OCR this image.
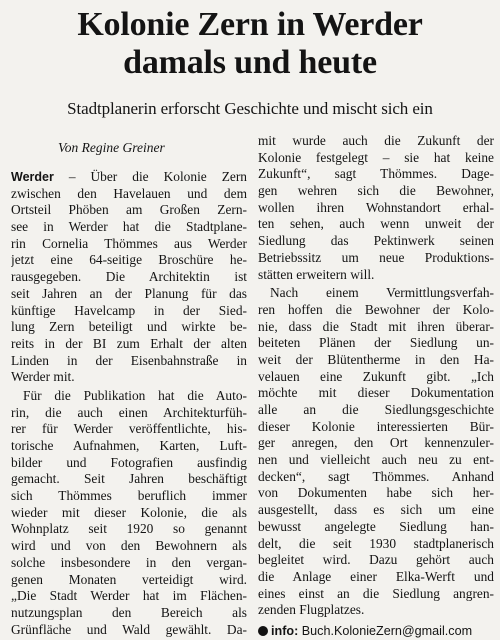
Kolonie Zern in Werder
damals und heute
Stadtplanerin erforscht Geschichte und mischt sich ein
Von Regine Greiner
Werder – Über die Kolonie Zern
zwischen den Havelauen und dem
Ortsteil Phöben am Großen Zern-
see in Werder hat die Stadtplane-
rin Cornelia Thömmes aus Werder
jetzt eine 64-seitige Broschüre he-
rausgegeben. Die Architektin ist
seit Jahren an der Planung für das
künftige Havelcamp in der Sied-
lung Zern beteiligt und wirkte be-
reits in der BI zum Erhalt der alten
Linden in der Eisenbahnstraße in
Werder mit.
Für die Publikation hat die Auto-
rin, die auch einen Architekturfüh-
rer für Werder veröffentlichte, his-
torische Aufnahmen, Karten, Luft-
bilder und Fotografien ausfindig
gemacht. Seit Jahren beschäftigt
sich Thömmes beruflich immer
wieder mit dieser Kolonie, die als
Wohnplatz seit 1920 so genannt
wird und von den Bewohnern als
solche insbesondere in den vergan-
genen Monaten verteidigt wird.
„Die Stadt Werder hat im Flächen-
nutzungsplan den Bereich als
Grünfläche und Wald gewählt. Da-
mit wurde auch die Zukunft der
Kolonie festgelegt – sie hat keine
Zukunft“, sagt Thömmes. Dage-
gen wehren sich die Bewohner,
wollen ihren Wohnstandort erhal-
ten sehen, auch wenn unweit der
Siedlung das Pektinwerk seinen
Betriebssitz um neue Produktions-
stätten erweitern will.
Nach einem Vermittlungsverfah-
ren hoffen die Bewohner der Kolo-
nie, dass die Stadt mit ihren überar-
beiteten Plänen der Siedlung un-
weit der Blütentherme in den Ha-
velauen eine Zukunft gibt. „Ich
möchte mit dieser Dokumentation
alle an die Siedlungsgeschichte
dieser Kolonie interessierten Bür-
ger anregen, den Ort kennenzuler-
nen und vielleicht auch neu zu ent-
decken“, sagt Thömmes. Anhand
von Dokumenten habe sich her-
ausgestellt, dass es sich um eine
bewusst angelegte Siedlung han-
delt, die seit 1930 stadtplanerisch
begleitet wird. Dazu gehört auch
die Anlage einer Elka-Werft und
eines einst an die Siedlung angren-
zenden Flugplatzes.
info: Buch.KolonieZern@gmail.com
